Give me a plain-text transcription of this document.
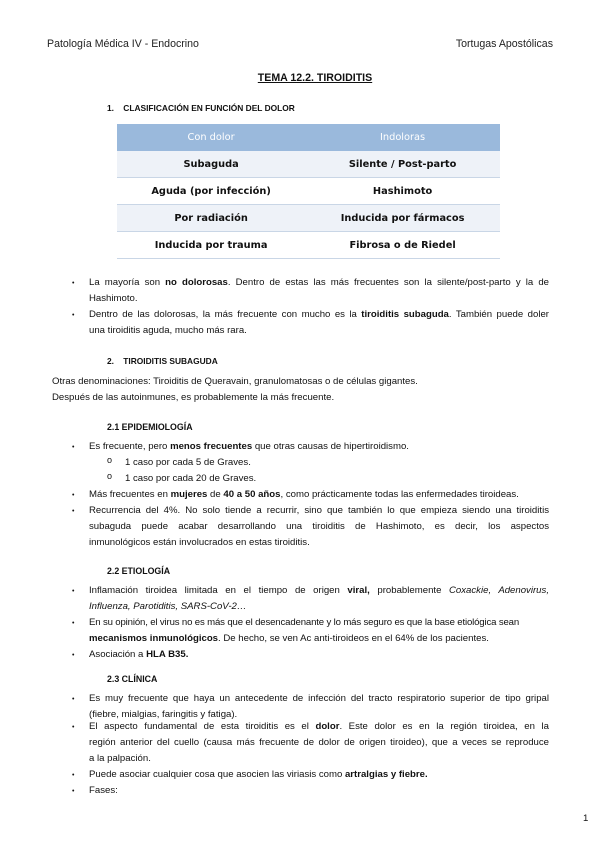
Patología Médica IV - Endocrino	Tortugas Apostólicas
TEMA 12.2. TIROIDITIS
1.    CLASIFICACIÓN EN FUNCIÓN DEL DOLOR
Con dolor	Indoloras
Subaguda	Silente / Post-parto
Aguda (por infección)	Hashimoto
Por radiación	Inducida por fármacos
Inducida por trauma	Fibrosa o de Riedel
• La mayoría son no dolorosas. Dentro de estas las más frecuentes son la silente/post-parto y la de
Hashimoto.
• Dentro de las dolorosas, la más frecuente con mucho es la tiroiditis subaguda. También puede doler
una tiroiditis aguda, mucho más rara.
2.    TIROIDITIS SUBAGUDA
Otras denominaciones: Tiroiditis de Queravain, granulomatosas o de células gigantes.
Después de las autoinmunes, es probablemente la más frecuente.
2.1 EPIDEMIOLOGÍA
• Es frecuente, pero menos frecuentes que otras causas de hipertiroidismo.
o 1 caso por cada 5 de Graves.
o 1 caso por cada 20 de Graves.
• Más frecuentes en mujeres de 40 a 50 años, como prácticamente todas las enfermedades tiroideas.
• Recurrencia del 4%. No solo tiende a recurrir, sino que también lo que empieza siendo una tiroiditis
subaguda puede acabar desarrollando una tiroiditis de Hashimoto, es decir, los aspectos
inmunológicos están involucrados en estas tiroiditis.
2.2 ETIOLOGÍA
• Inflamación tiroidea limitada en el tiempo de origen viral, probablemente Coxackie, Adenovirus,
Influenza, Parotiditis, SARS-CoV-2…
• En su opinión, el virus no es más que el desencadenante y lo más seguro es que la base etiológica sean
mecanismos inmunológicos. De hecho, se ven Ac anti-tiroideos en el 64% de los pacientes.
• Asociación a HLA B35.
2.3 CLÍNICA
• Es muy frecuente que haya un antecedente de infección del tracto respiratorio superior de tipo gripal
(fiebre, mialgias, faringitis y fatiga).
• El aspecto fundamental de esta tiroiditis es el dolor. Este dolor es en la región tiroidea, en la
región anterior del cuello (causa más frecuente de dolor de origen tiroideo), que a veces se reproduce
a la palpación.
• Puede asociar cualquier cosa que asocien las viriasis como artralgias y fiebre.
• Fases:
1
